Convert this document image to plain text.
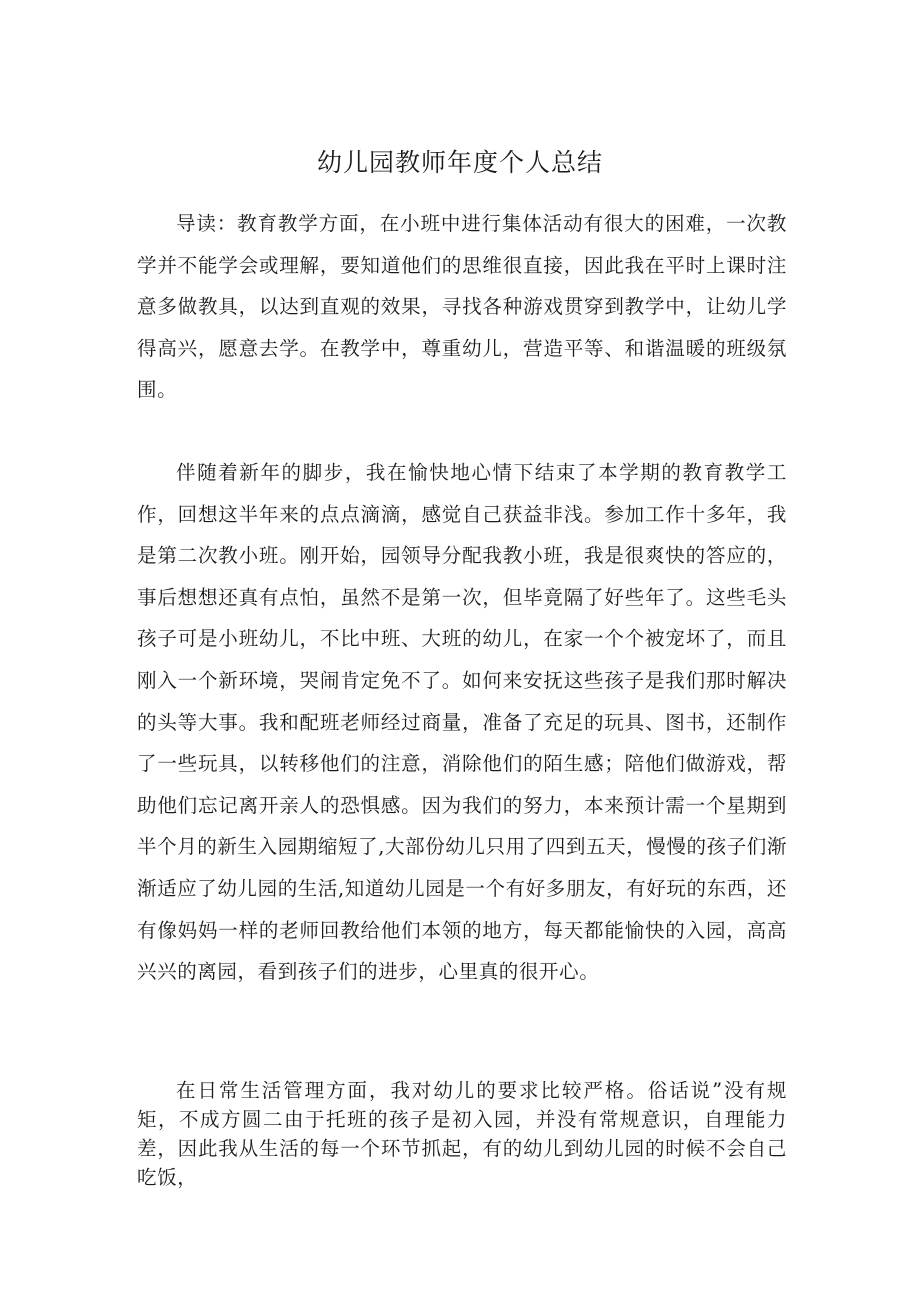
幼儿园教师年度个人总结

导读：教育教学方面，在小班中进行集体活动有很大的困难，一次教学并不能学会或理解，要知道他们的思维很直接，因此我在平时上课时注意多做教具，以达到直观的效果，寻找各种游戏贯穿到教学中，让幼儿学得高兴，愿意去学。在教学中，尊重幼儿，营造平等、和谐温暖的班级氛围。

伴随着新年的脚步，我在愉快地心情下结束了本学期的教育教学工作，回想这半年来的点点滴滴，感觉自己获益非浅。参加工作十多年，我是第二次教小班。刚开始，园领导分配我教小班，我是很爽快的答应的，事后想想还真有点怕，虽然不是第一次，但毕竟隔了好些年了。这些毛头孩子可是小班幼儿，不比中班、大班的幼儿，在家一个个被宠坏了，而且刚入一个新环境，哭闹肯定免不了。如何来安抚这些孩子是我们那时解决的头等大事。我和配班老师经过商量，准备了充足的玩具、图书，还制作了一些玩具，以转移他们的注意，消除他们的陌生感；陪他们做游戏，帮助他们忘记离开亲人的恐惧感。因为我们的努力，本来预计需一个星期到半个月的新生入园期缩短了,大部份幼儿只用了四到五天，慢慢的孩子们渐渐适应了幼儿园的生活,知道幼儿园是一个有好多朋友，有好玩的东西，还有像妈妈一样的老师回教给他们本领的地方，每天都能愉快的入园，高高兴兴的离园，看到孩子们的进步，心里真的很开心。

在日常生活管理方面，我对幼儿的要求比较严格。俗话说”没有规矩，不成方圆二由于托班的孩子是初入园，并没有常规意识，自理能力差，因此我从生活的每一个环节抓起，有的幼儿到幼儿园的时候不会自己吃饭，
